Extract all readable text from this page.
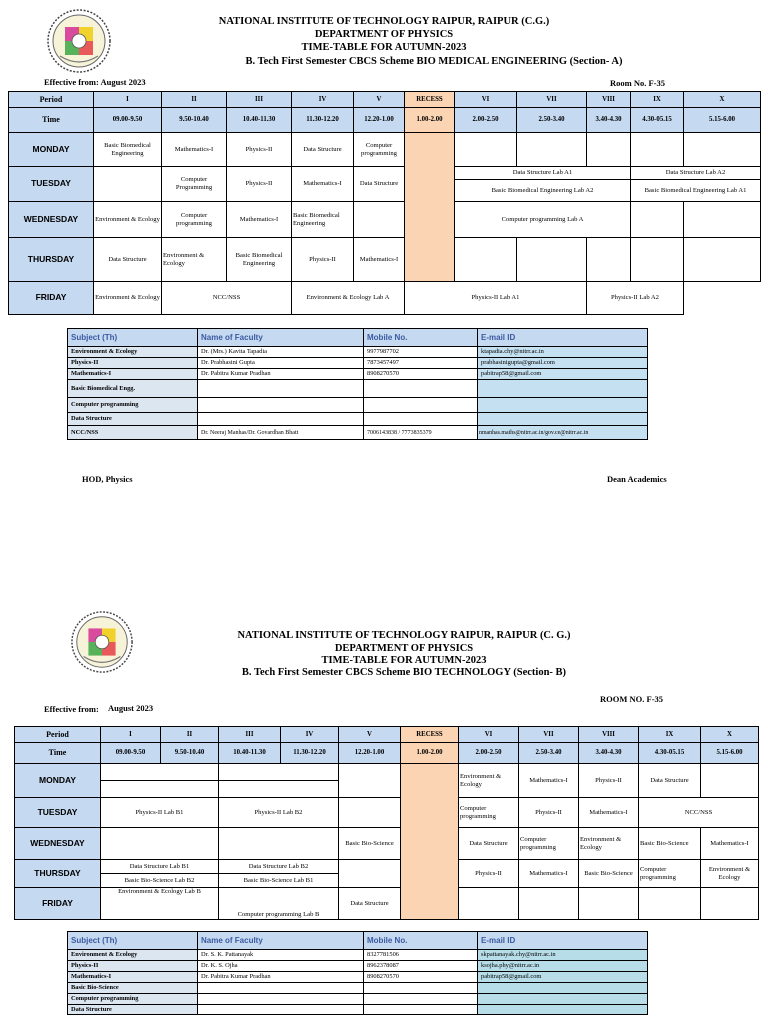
NATIONAL INSTITUTE OF TECHNOLOGY RAIPUR, RAIPUR (C.G.)
DEPARTMENT OF PHYSICS
TIME-TABLE FOR AUTUMN-2023
B. Tech First Semester CBCS Scheme BIO MEDICAL ENGINEERING (Section- A)
Effective from: August 2023	Room No. F-35
Period	I	II	III	IV	V	RECESS	VI	VII	VIII	IX	X
Time	09.00-9.50	9.50-10.40	10.40-11.30	11.30-12.20	12.20-1.00	1.00-2.00	2.00-2.50	2.50-3.40	3.40-4.30	4.30-05.15	5.15-6.00
MONDAY	Basic Biomedical Engineering	Mathematics-I	Physics-II	Data Structure	Computer programming						
TUESDAY		Computer Programming	Physics-II	Mathematics-I	Data Structure		Data Structure Lab A1			Data Structure Lab A2	
							Basic Biomedical Engineering Lab A2			Basic Biomedical Engineering Lab A1	
WEDNESDAY	Environment & Ecology	Computer programming	Mathematics-I	Basic Biomedical Engineering			Computer programming Lab A				
THURSDAY	Data Structure	Environment & Ecology	Basic Biomedical Engineering	Physics-II	Mathematics-I						
FRIDAY	Environment & Ecology	NCC/NSS		Environment & Ecology Lab A		Physics-II Lab A1			Physics-II Lab A2		
Subject (Th)	Name of Faculty	Mobile No.	E-mail ID
Environment & Ecology	Dr. (Mrs.) Kavita Tapadia	9977987702	ktapadia.chy@nitrr.ac.in
Physics-II	Dr. Prabhasini Gupta	7873457497	prabhasinigupta@gmail.com
Mathematics-I	Dr. Pabitra Kumar Pradhan	8908270570	pabitrap58@gmail.com
Basic Biomedical Engg.			
Computer programming			
Data Structure			
NCC/NSS	Dr. Neeraj Manhas/Dr. Govardhan Bhatt	7006143838 / 7773835379	nmanhas.maths@nitrr.ac.in/gov.ce@nitrr.ac.in
HOD, Physics	Dean Academics
NATIONAL INSTITUTE OF TECHNOLOGY RAIPUR, RAIPUR (C. G.)
DEPARTMENT OF PHYSICS
TIME-TABLE FOR AUTUMN-2023
B. Tech First Semester CBCS Scheme BIO TECHNOLOGY (Section- B)
ROOM NO. F-35
Effective from: August 2023
Period	I	II	III	IV	V	RECESS	VI	VII	VIII	IX	X
Time	09.00-9.50	9.50-10.40	10.40-11.30	11.30-12.20	12.20-1.00	1.00-2.00	2.00-2.50	2.50-3.40	3.40-4.30	4.30-05.15	5.15-6.00
MONDAY							Environment & Ecology	Mathematics-I	Physics-II	Data Structure	

TUESDAY	Physics-II Lab B1		Physics-II Lab B2				Computer programming	Physics-II	Mathematics-I	NCC/NSS	
WEDNESDAY					Basic Bio-Science		Data Structure	Computer programming	Environment & Ecology	Basic Bio-Science	Mathematics-I
THURSDAY	Data Structure Lab B1		Data Structure Lab B2				Physics-II	Mathematics-I	Basic Bio-Science	Computer programming	Environment & Ecology
	Basic Bio-Science Lab B2		Basic Bio-Science Lab B1								
FRIDAY	Environment & Ecology Lab B		Computer programming Lab B		Data Structure						
Subject (Th)	Name of Faculty	Mobile No.	E-mail ID
Environment & Ecology	Dr. S. K. Pattanayak	8327781506	skpattanayak.chy@nitrr.ac.in
Physics-II	Dr. K. S. Ojha	8962378087	ksojha.phy@nitrr.ac.in
Mathematics-I	Dr. Pabitra Kumar Pradhan	8908270570	pabitrap58@gmail.com
Basic Bio-Science			
Computer programming			
Data Structure			
